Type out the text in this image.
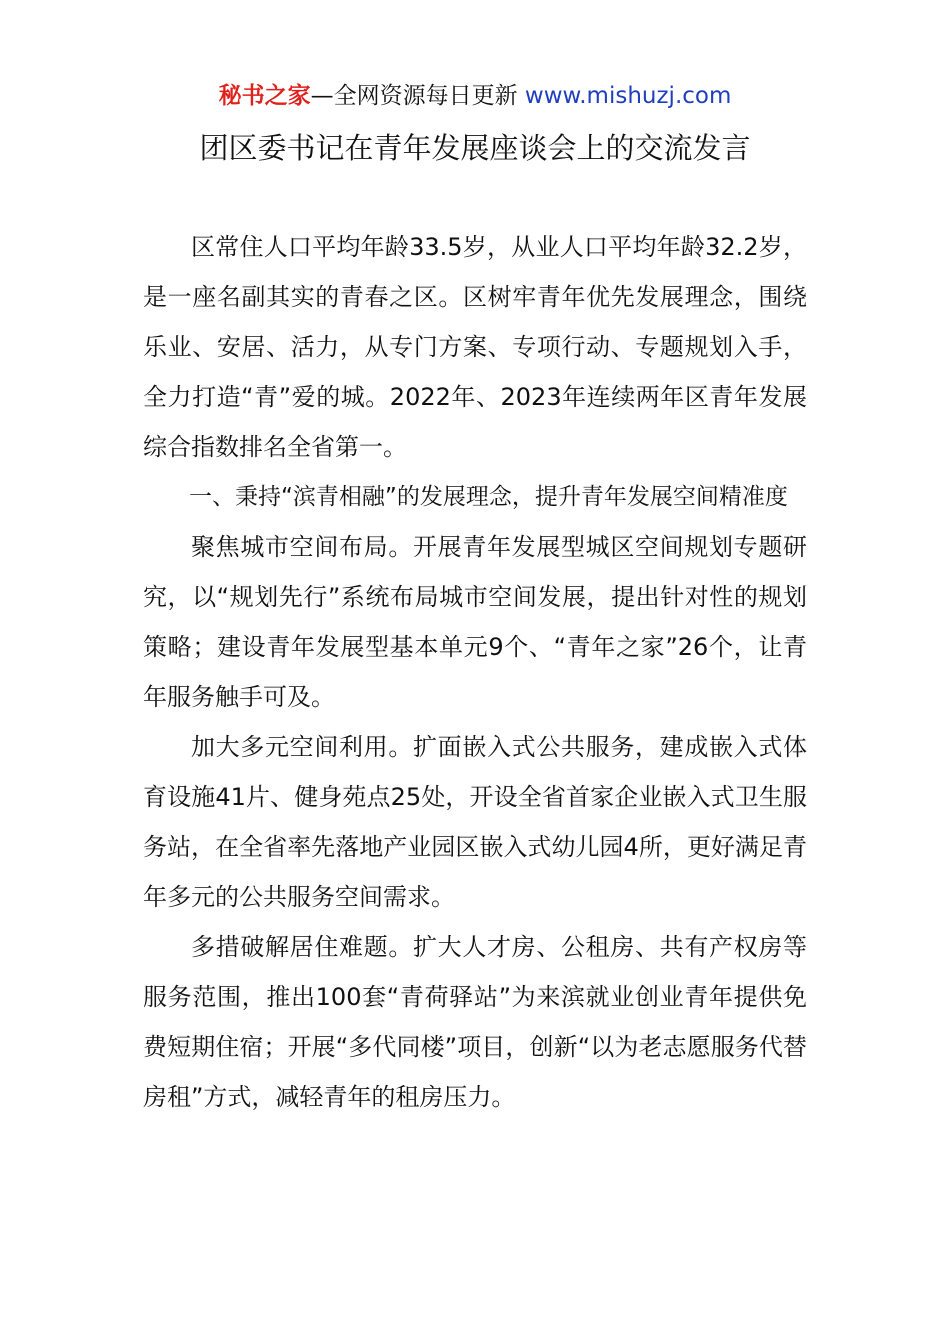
秘书之家—全网资源每日更新 www.mishuzj.com
团区委书记在青年发展座谈会上的交流发言

区常住人口平均年龄33.5岁，从业人口平均年龄32.2岁，是一座名副其实的青春之区。区树牢青年优先发展理念，围绕乐业、安居、活力，从专门方案、专项行动、专题规划入手，全力打造“青”爱的城。2022年、2023年连续两年区青年发展综合指数排名全省第一。

一、秉持“滨青相融”的发展理念，提升青年发展空间精准度

聚焦城市空间布局。开展青年发展型城区空间规划专题研究，以“规划先行”系统布局城市空间发展，提出针对性的规划策略；建设青年发展型基本单元9个、“青年之家”26个，让青年服务触手可及。

加大多元空间利用。扩面嵌入式公共服务，建成嵌入式体育设施41片、健身苑点25处，开设全省首家企业嵌入式卫生服务站，在全省率先落地产业园区嵌入式幼儿园4所，更好满足青年多元的公共服务空间需求。

多措破解居住难题。扩大人才房、公租房、共有产权房等服务范围，推出100套“青荷驿站”为来滨就业创业青年提供免费短期住宿；开展“多代同楼”项目，创新“以为老志愿服务代替房租”方式，减轻青年的租房压力。
